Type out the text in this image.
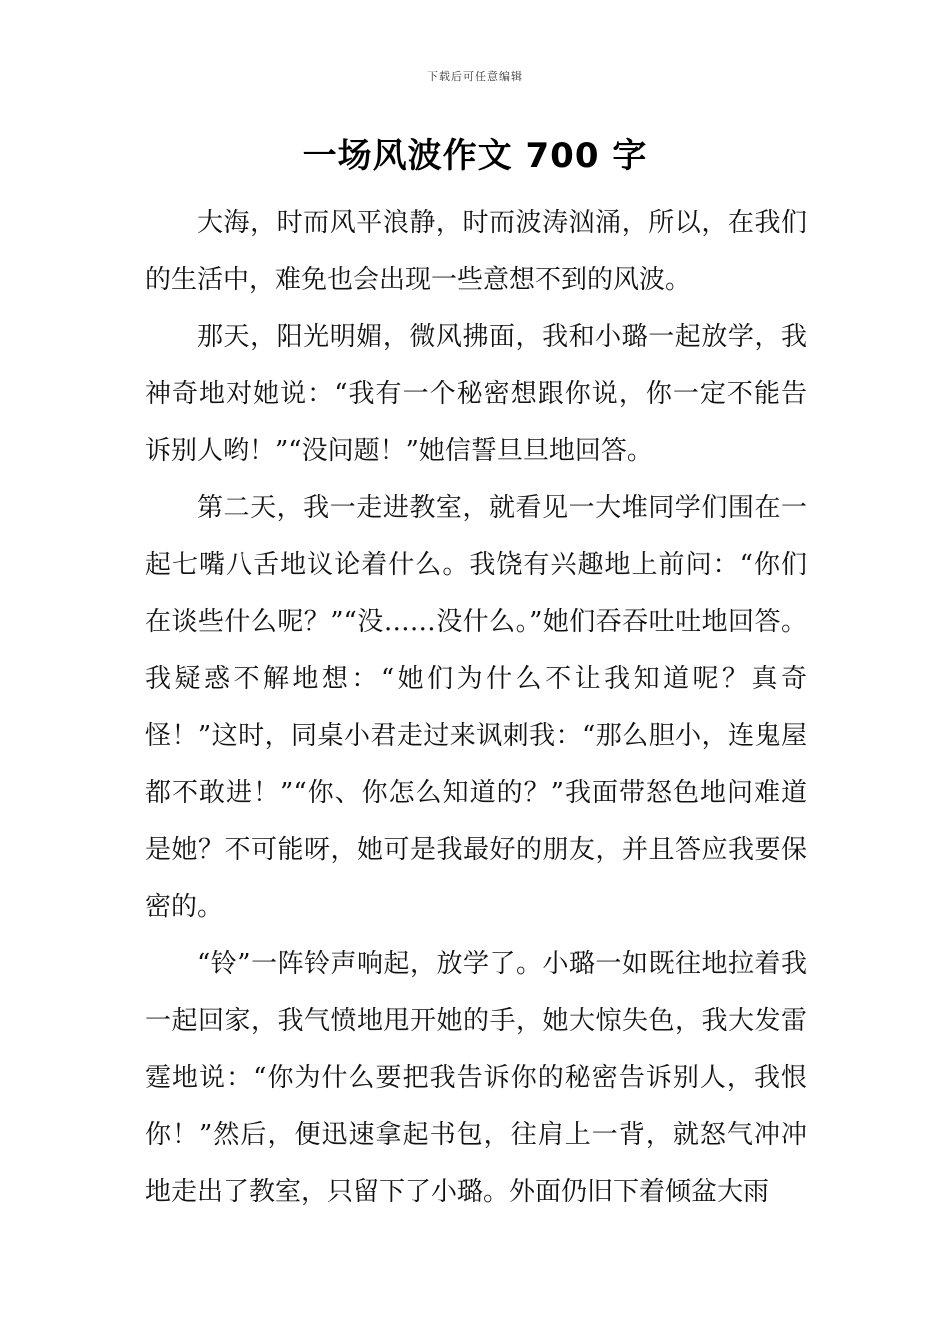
下载后可任意编辑
一场风波作文 700 字

大海，时而风平浪静，时而波涛汹涌，所以，在我们的生活中，难免也会出现一些意想不到的风波。

那天，阳光明媚，微风拂面，我和小璐一起放学，我神奇地对她说：“我有一个秘密想跟你说，你一定不能告诉别人哟！”“没问题！”她信誓旦旦地回答。

第二天，我一走进教室，就看见一大堆同学们围在一起七嘴八舌地议论着什么。我饶有兴趣地上前问：“你们在谈些什么呢？”“没……没什么。”她们吞吞吐吐地回答。我疑惑不解地想：“她们为什么不让我知道呢？真奇怪！”这时，同桌小君走过来讽刺我：“那么胆小，连鬼屋都不敢进！”“你、你怎么知道的？”我面带怒色地问难道是她？不可能呀，她可是我最好的朋友，并且答应我要保密的。

“铃”一阵铃声响起，放学了。小璐一如既往地拉着我一起回家，我气愤地甩开她的手，她大惊失色，我大发雷霆地说：“你为什么要把我告诉你的秘密告诉别人，我恨你！”然后，便迅速拿起书包，往肩上一背，就怒气冲冲地走出了教室，只留下了小璐。外面仍旧下着倾盆大雨
